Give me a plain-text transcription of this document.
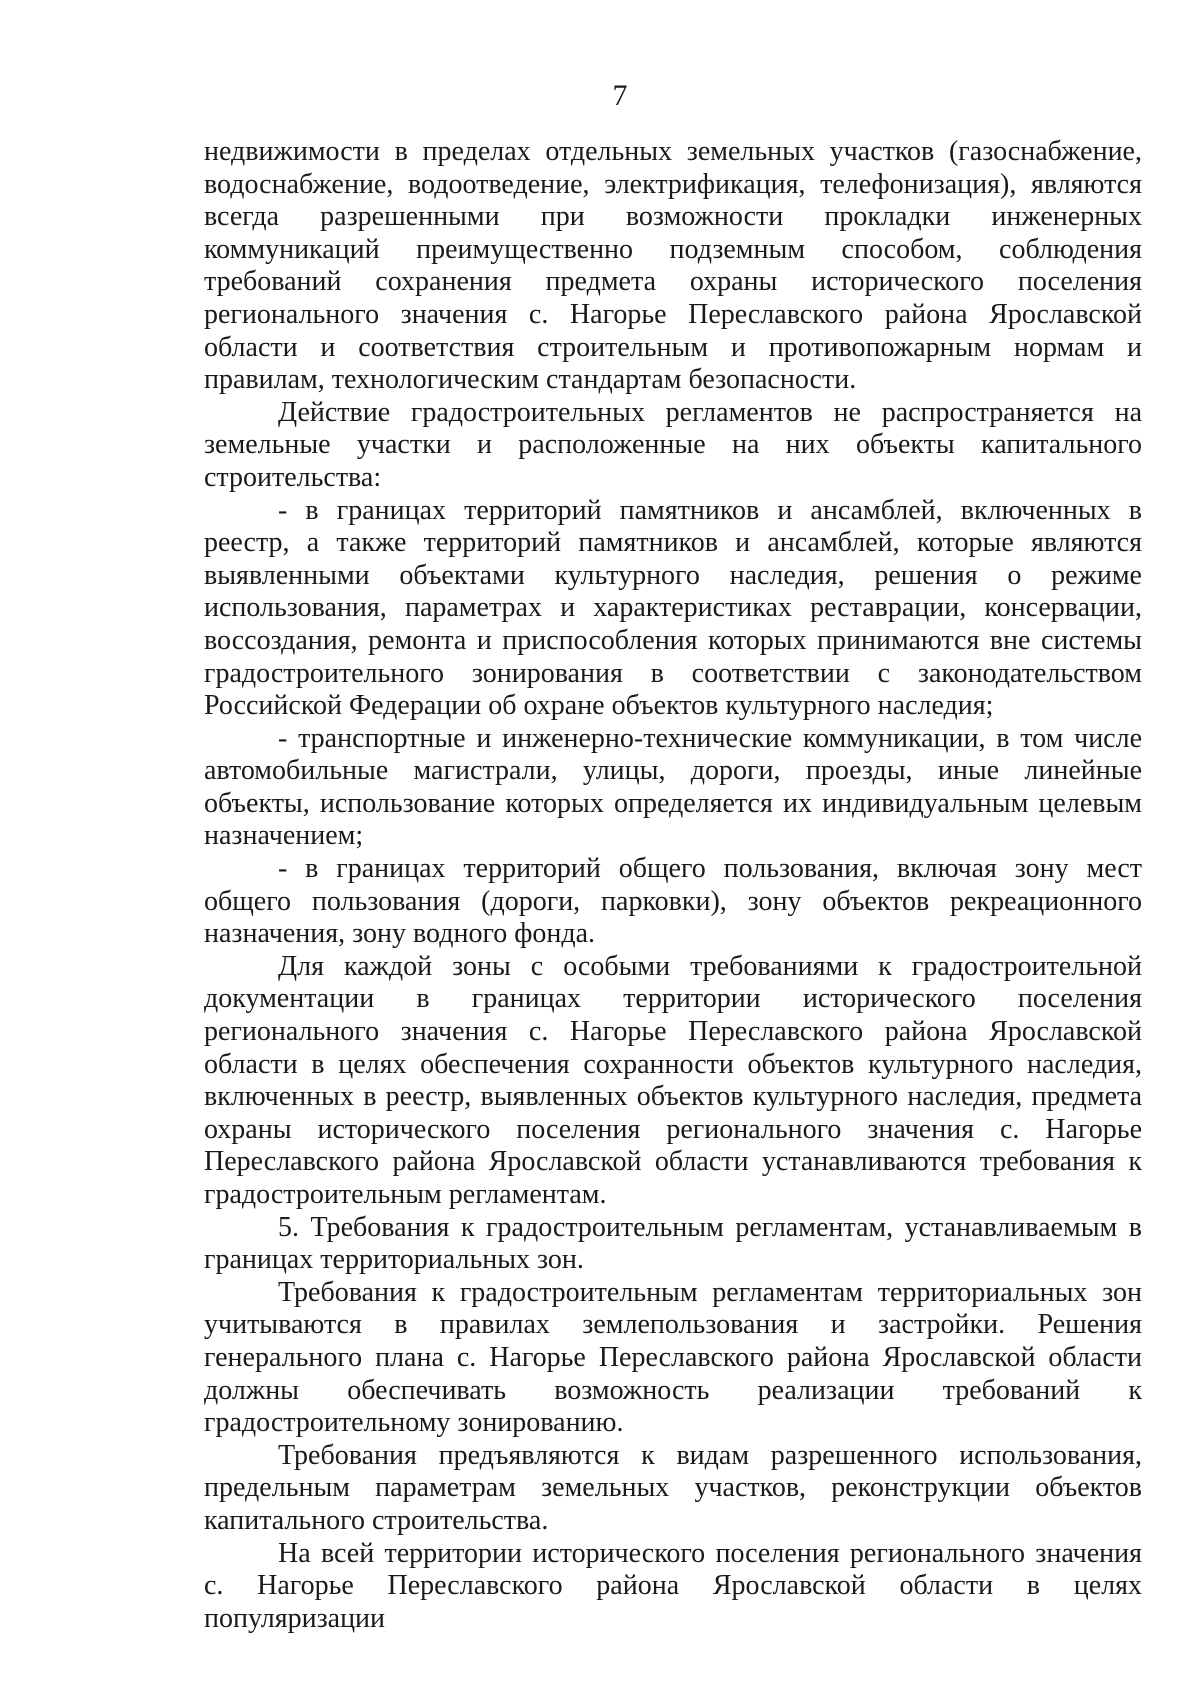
7

недвижимости в пределах отдельных земельных участков (газоснабжение, водоснабжение, водоотведение, электрификация, телефонизация), являются всегда разрешенными при возможности прокладки инженерных коммуникаций преимущественно подземным способом, соблюдения требований сохранения предмета охраны исторического поселения регионального значения с. Нагорье Переславского района Ярославской области и соответствия строительным и противопожарным нормам и правилам, технологическим стандартам безопасности.

Действие градостроительных регламентов не распространяется на земельные участки и расположенные на них объекты капитального строительства:

- в границах территорий памятников и ансамблей, включенных в реестр, а также территорий памятников и ансамблей, которые являются выявленными объектами культурного наследия, решения о режиме использования, параметрах и характеристиках реставрации, консервации, воссоздания, ремонта и приспособления которых принимаются вне системы градостроительного зонирования в соответствии с законодательством Российской Федерации об охране объектов культурного наследия;

- транспортные и инженерно-технические коммуникации, в том числе автомобильные магистрали, улицы, дороги, проезды, иные линейные объекты, использование которых определяется их индивидуальным целевым назначением;

- в границах территорий общего пользования, включая зону мест общего пользования (дороги, парковки), зону объектов рекреационного назначения, зону водного фонда.

Для каждой зоны с особыми требованиями к градостроительной документации в границах территории исторического поселения регионального значения с. Нагорье Переславского района Ярославской области в целях обеспечения сохранности объектов культурного наследия, включенных в реестр, выявленных объектов культурного наследия, предмета охраны исторического поселения регионального значения с. Нагорье Переславского района Ярославской области устанавливаются требования к градостроительным регламентам.

5. Требования к градостроительным регламентам, устанавливаемым в границах территориальных зон.

Требования к градостроительным регламентам территориальных зон учитываются в правилах землепользования и застройки. Решения генерального плана с. Нагорье Переславского района Ярославской области должны обеспечивать возможность реализации требований к градостроительному зонированию.

Требования предъявляются к видам разрешенного использования, предельным параметрам земельных участков, реконструкции объектов капитального строительства.

На всей территории исторического поселения регионального значения с. Нагорье Переславского района Ярославской области в целях популяризации
